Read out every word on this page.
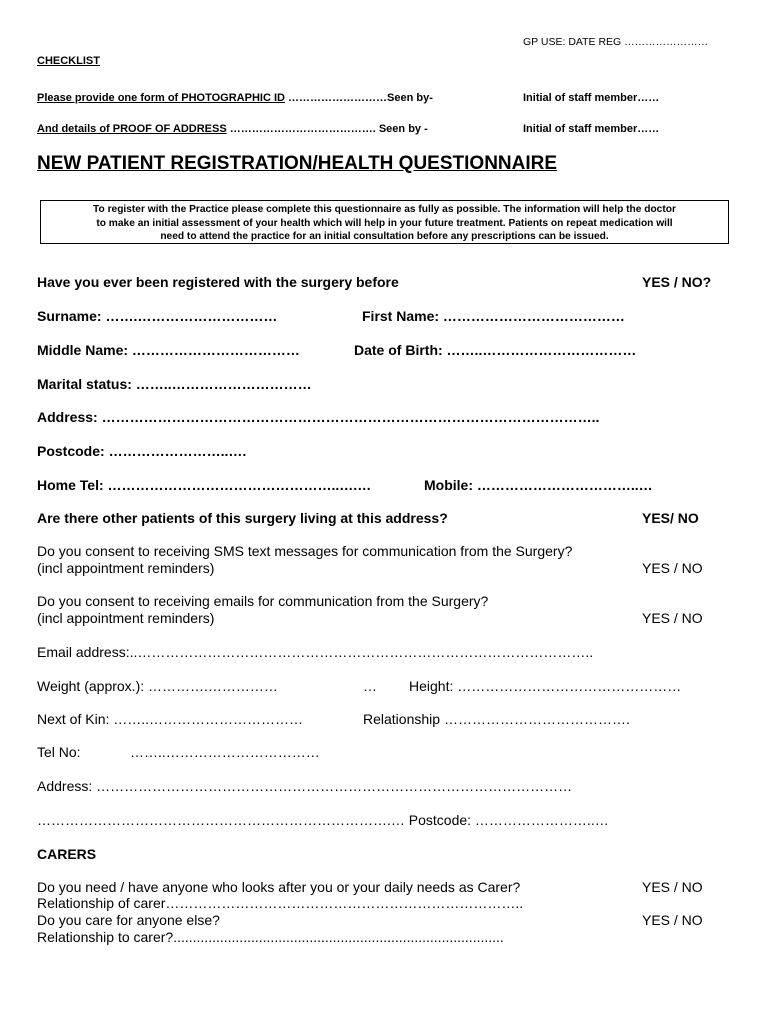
GP USE: DATE REG ……………………
CHECKLIST
Please provide one form of PHOTOGRAPHIC ID ………………………Seen by-	Initial of staff member……
And details of PROOF OF ADDRESS …………………………………. Seen by -	Initial of staff member……
NEW PATIENT REGISTRATION/HEALTH QUESTIONNAIRE
To register with the Practice please complete this questionnaire as fully as possible. The information will help the doctor
to make an initial assessment of your health which will help in your future treatment. Patients on repeat medication will
need to attend the practice for an initial consultation before any prescriptions can be issued.
Have you ever been registered with the surgery before	YES / NO?
Surname: …….…………………………	First Name: …………………………………
Middle Name: ………………………………	Date of Birth: ……..……………………………
Marital status: ……..…………………………
Address: ……………………………………………………………………………………………..
Postcode: ……………………..….
Home Tel: …………………………………………..….…	Mobile: ……………………………..…
Are there other patients of this surgery living at this address?	YES/ NO
Do you consent to receiving SMS text messages for communication from the Surgery?
(incl appointment reminders)	YES / NO
Do you consent to receiving emails for communication from the Surgery?
(incl appointment reminders)	YES / NO
Email address:..……………………………………………………………………………………..
Weight (approx.): ………….……………	… Height: …………………………………………
Next of Kin: ……..……………………………	Relationship ………………………………….
Tel No:	……..……………………………
Address: …………………………………………………………………………………………
………………………………………………………………….… Postcode: ……………………..…
CARERS
Do you need / have anyone who looks after you or your daily needs as Carer?	YES / NO
Relationship of carer…………………………………………………………………..
Do you care for anyone else?	YES / NO
Relationship to carer?.....................................................................................
